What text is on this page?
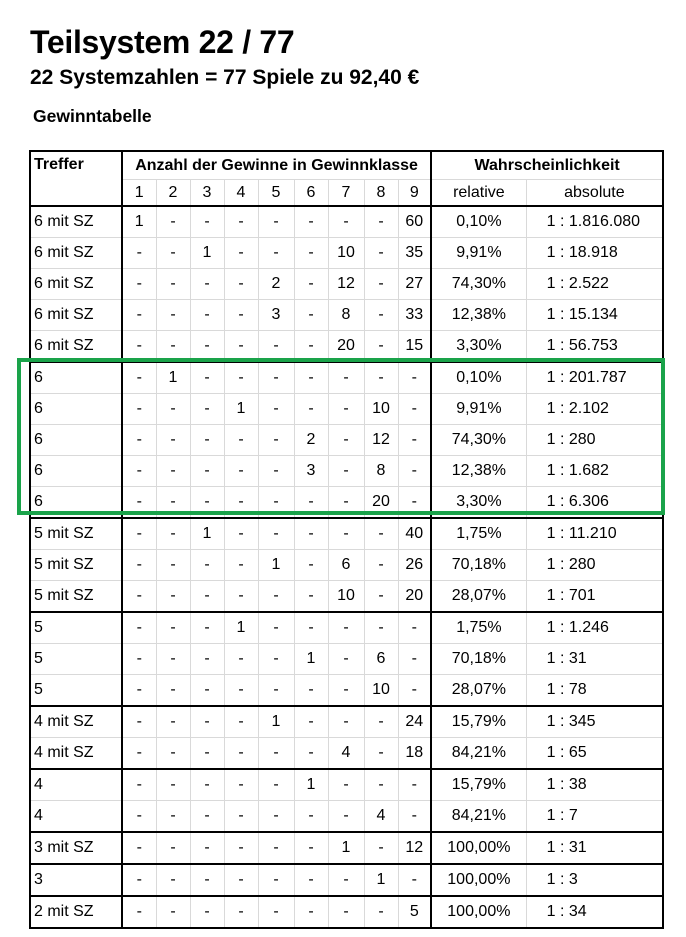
Teilsystem 22 / 77
22 Systemzahlen = 77 Spiele zu 92,40 €
Gewinntabelle
Treffer	Anzahl der Gewinne in Gewinnklasse									Wahrscheinlichkeit	
	1	2	3	4	5	6	7	8	9	relative	absolute
6 mit SZ	1	-	-	-	-	-	-	-	60	0,10%	1 : 1.816.080
6 mit SZ	-	-	1	-	-	-	10	-	35	9,91%	1 : 18.918
6 mit SZ	-	-	-	-	2	-	12	-	27	74,30%	1 : 2.522
6 mit SZ	-	-	-	-	3	-	8	-	33	12,38%	1 : 15.134
6 mit SZ	-	-	-	-	-	-	20	-	15	3,30%	1 : 56.753
6	-	1	-	-	-	-	-	-	-	0,10%	1 : 201.787
6	-	-	-	1	-	-	-	10	-	9,91%	1 : 2.102
6	-	-	-	-	-	2	-	12	-	74,30%	1 : 280
6	-	-	-	-	-	3	-	8	-	12,38%	1 : 1.682
6	-	-	-	-	-	-	-	20	-	3,30%	1 : 6.306
5 mit SZ	-	-	1	-	-	-	-	-	40	1,75%	1 : 11.210
5 mit SZ	-	-	-	-	1	-	6	-	26	70,18%	1 : 280
5 mit SZ	-	-	-	-	-	-	10	-	20	28,07%	1 : 701
5	-	-	-	1	-	-	-	-	-	1,75%	1 : 1.246
5	-	-	-	-	-	1	-	6	-	70,18%	1 : 31
5	-	-	-	-	-	-	-	10	-	28,07%	1 : 78
4 mit SZ	-	-	-	-	1	-	-	-	24	15,79%	1 : 345
4 mit SZ	-	-	-	-	-	-	4	-	18	84,21%	1 : 65
4	-	-	-	-	-	1	-	-	-	15,79%	1 : 38
4	-	-	-	-	-	-	-	4	-	84,21%	1 : 7
3 mit SZ	-	-	-	-	-	-	1	-	12	100,00%	1 : 31
3	-	-	-	-	-	-	-	1	-	100,00%	1 : 3
2 mit SZ	-	-	-	-	-	-	-	-	5	100,00%	1 : 34
